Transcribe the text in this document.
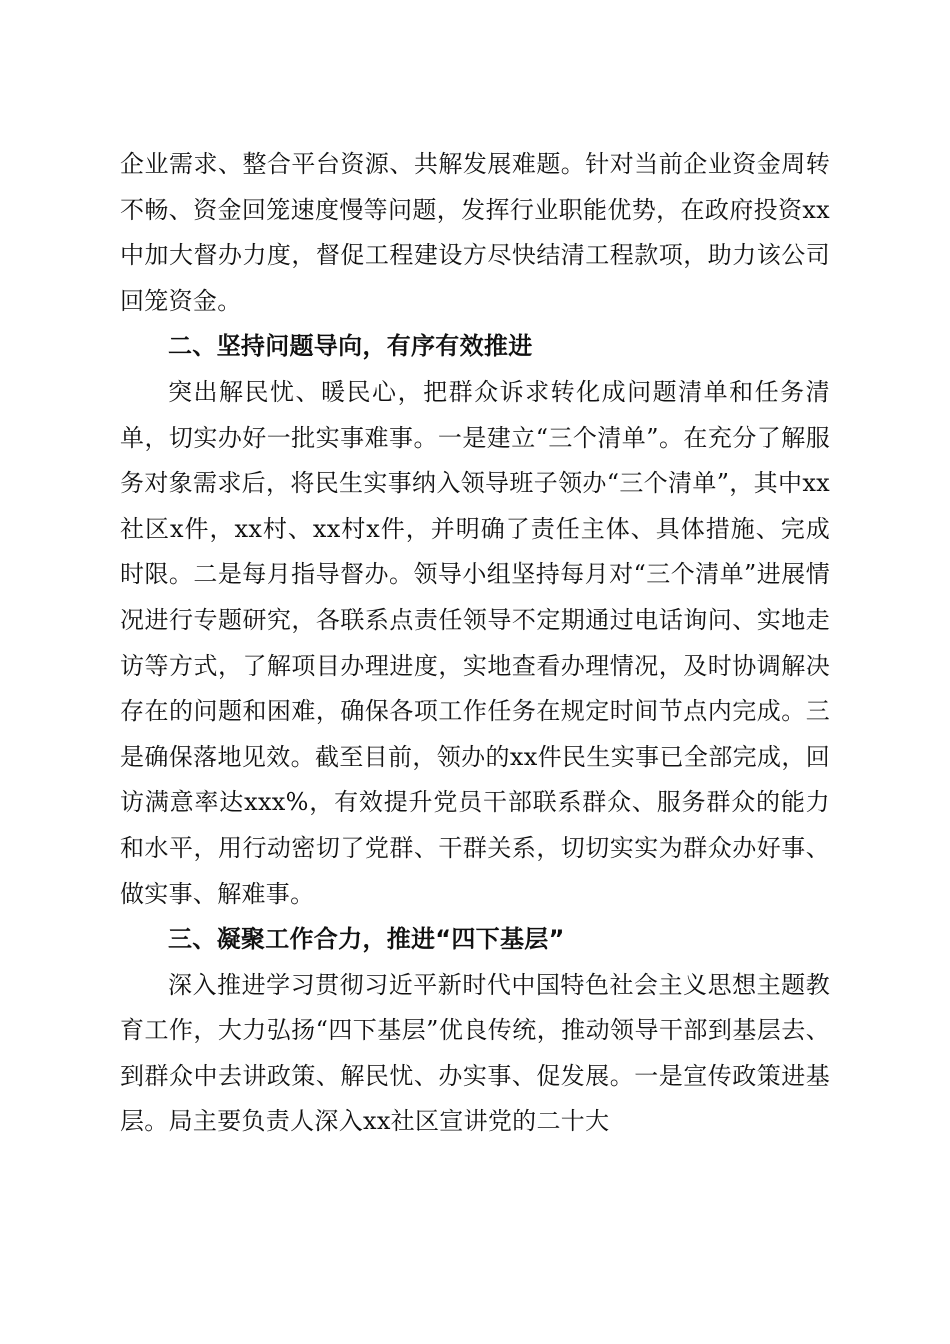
企业需求、整合平台资源、共解发展难题。针对当前企业资金周转不畅、资金回笼速度慢等问题，发挥行业职能优势，在政府投资xx中加大督办力度，督促工程建设方尽快结清工程款项，助力该公司回笼资金。

二、坚持问题导向，有序有效推进

突出解民忧、暖民心，把群众诉求转化成问题清单和任务清单，切实办好一批实事难事。一是建立“三个清单”。在充分了解服务对象需求后，将民生实事纳入领导班子领办“三个清单”，其中xx社区x件，xx村、xx村x件，并明确了责任主体、具体措施、完成时限。二是每月指导督办。领导小组坚持每月对“三个清单”进展情况进行专题研究，各联系点责任领导不定期通过电话询问、实地走访等方式，了解项目办理进度，实地查看办理情况，及时协调解决存在的问题和困难，确保各项工作任务在规定时间节点内完成。三是确保落地见效。截至目前，领办的xx件民生实事已全部完成，回访满意率达xxx%，有效提升党员干部联系群众、服务群众的能力和水平，用行动密切了党群、干群关系，切切实实为群众办好事、做实事、解难事。

三、凝聚工作合力，推进“四下基层”

深入推进学习贯彻习近平新时代中国特色社会主义思想主题教育工作，大力弘扬“四下基层”优良传统，推动领导干部到基层去、到群众中去讲政策、解民忧、办实事、促发展。一是宣传政策进基层。局主要负责人深入xx社区宣讲党的二十大
